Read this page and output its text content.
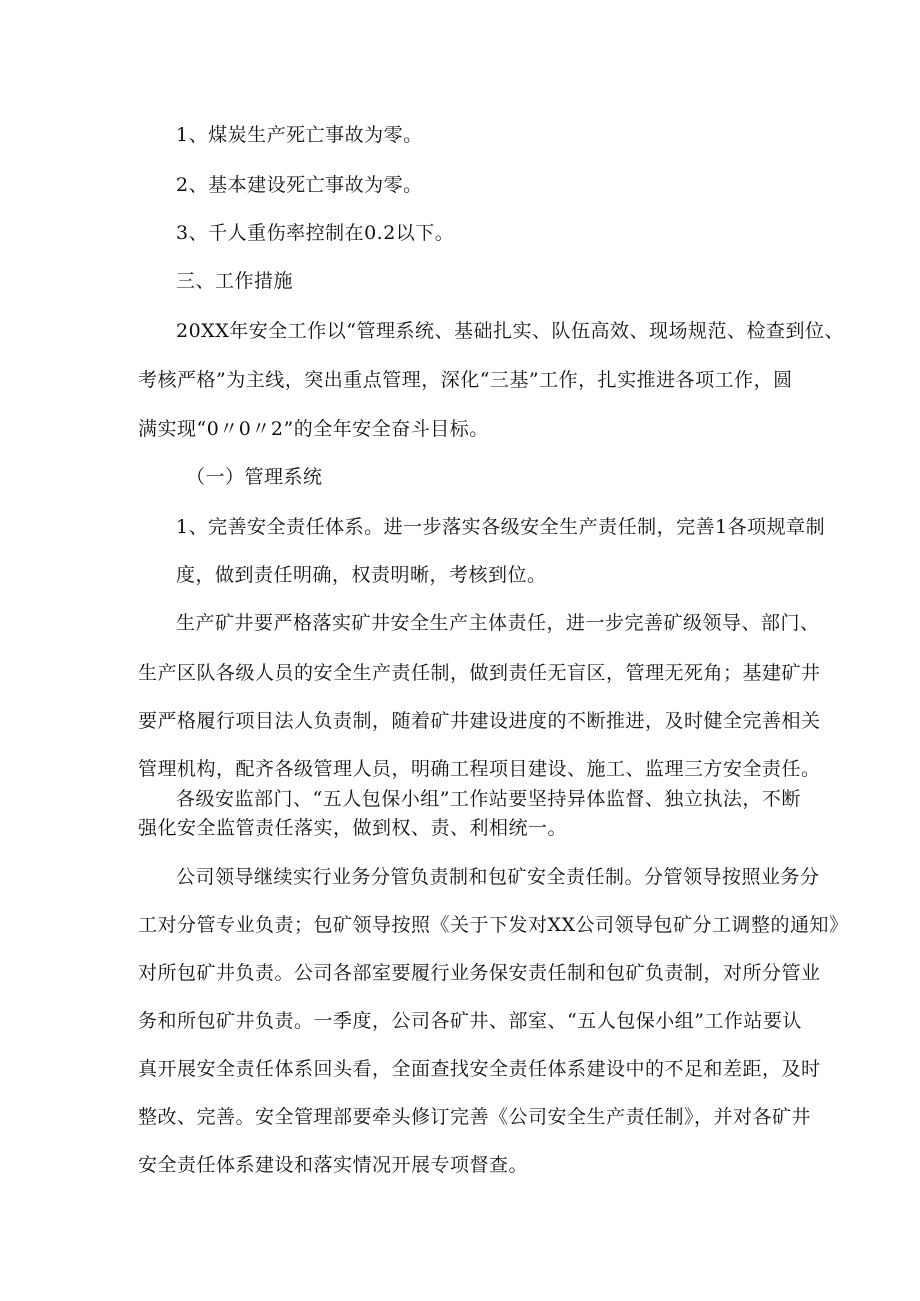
1、煤炭生产死亡事故为零。

2、基本建设死亡事故为零。

3、千人重伤率控制在0.2以下。

三、工作措施

20XX年安全工作以“管理系统、基础扎实、队伍高效、现场规范、检查到位、

考核严格”为主线，突出重点管理，深化“三基”工作，扎实推进各项工作，圆

满实现“0〃0〃2”的全年安全奋斗目标。

（一）管理系统

1、完善安全责任体系。进一步落实各级安全生产责任制，完善1各项规章制

度，做到责任明确，权责明晰，考核到位。

生产矿井要严格落实矿井安全生产主体责任，进一步完善矿级领导、部门、

生产区队各级人员的安全生产责任制，做到责任无盲区，管理无死角；基建矿井

要严格履行项目法人负责制，随着矿井建设进度的不断推进，及时健全完善相关

管理机构，配齐各级管理人员，明确工程项目建设、施工、监理三方安全责任。

各级安监部门、“五人包保小组”工作站要坚持异体监督、独立执法，不断

强化安全监管责任落实，做到权、责、利相统一。

公司领导继续实行业务分管负责制和包矿安全责任制。分管领导按照业务分

工对分管专业负责；包矿领导按照《关于下发对XX公司领导包矿分工调整的通知》

对所包矿井负责。公司各部室要履行业务保安责任制和包矿负责制，对所分管业

务和所包矿井负责。一季度，公司各矿井、部室、“五人包保小组”工作站要认

真开展安全责任体系回头看，全面查找安全责任体系建设中的不足和差距，及时

整改、完善。安全管理部要牵头修订完善《公司安全生产责任制》，并对各矿井

安全责任体系建设和落实情况开展专项督查。
